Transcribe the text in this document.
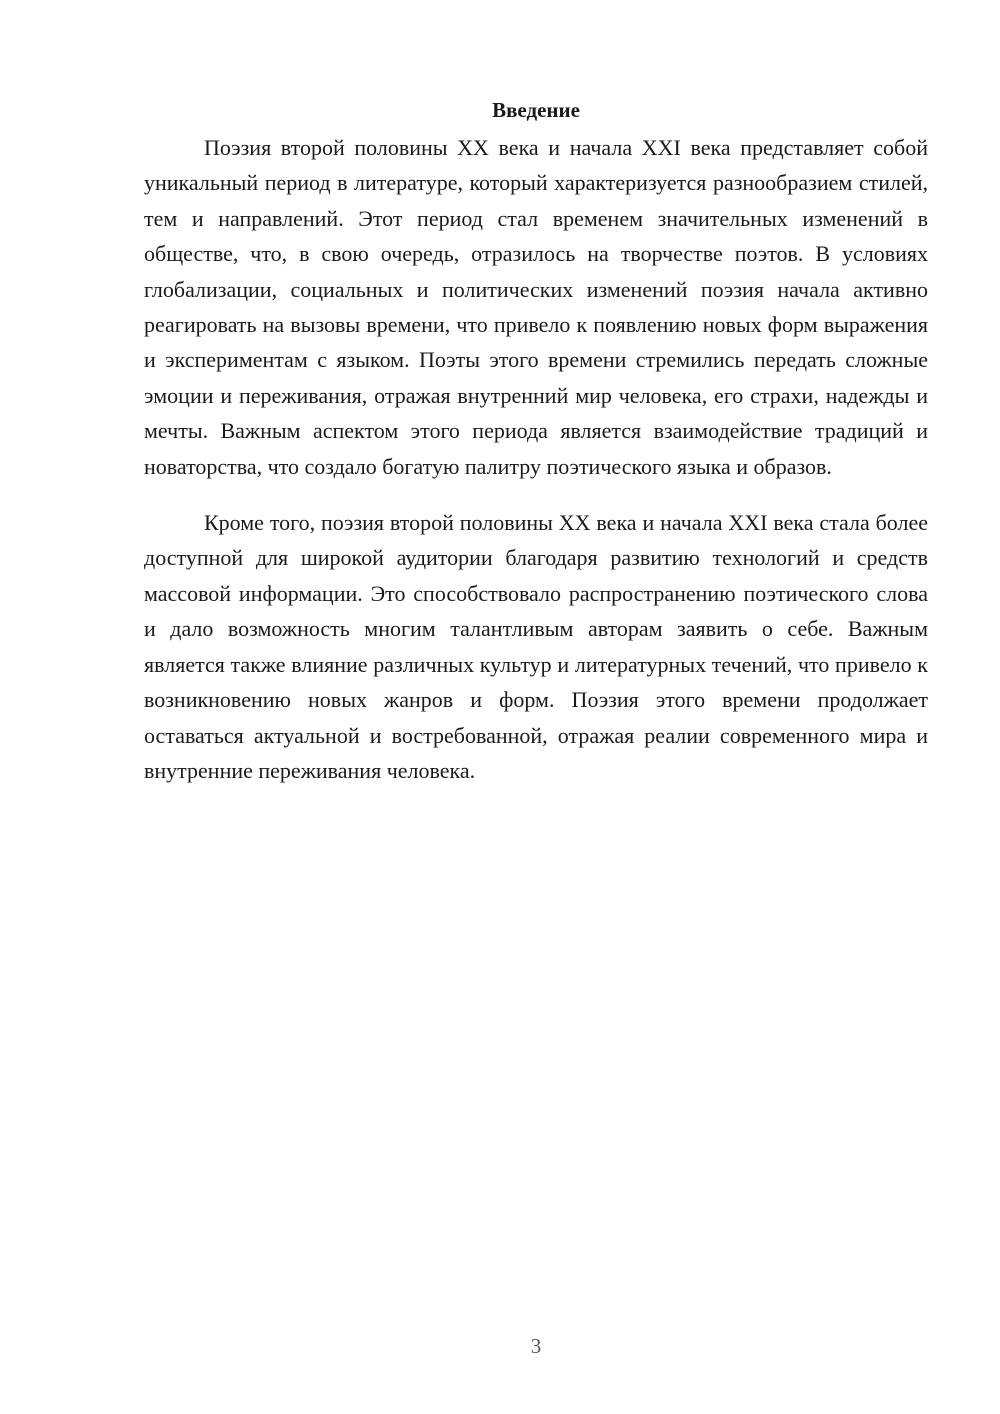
Введение

Поэзия второй половины XX века и начала XXI века представляет собой уникальный период в литературе, который характеризуется разнообразием стилей, тем и направлений. Этот период стал временем значительных изменений в обществе, что, в свою очередь, отразилось на творчестве поэтов. В условиях глобализации, социальных и политических изменений поэзия начала активно реагировать на вызовы времени, что привело к появлению новых форм выражения и экспериментам с языком. Поэты этого времени стремились передать сложные эмоции и переживания, отражая внутренний мир человека, его страхи, надежды и мечты. Важным аспектом этого периода является взаимодействие традиций и новаторства, что создало богатую палитру поэтического языка и образов.

Кроме того, поэзия второй половины XX века и начала XXI века стала более доступной для широкой аудитории благодаря развитию технологий и средств массовой информации. Это способствовало распространению поэтического слова и дало возможность многим талантливым авторам заявить о себе. Важным является также влияние различных культур и литературных течений, что привело к возникновению новых жанров и форм. Поэзия этого времени продолжает оставаться актуальной и востребованной, отражая реалии современного мира и внутренние переживания человека.

3
